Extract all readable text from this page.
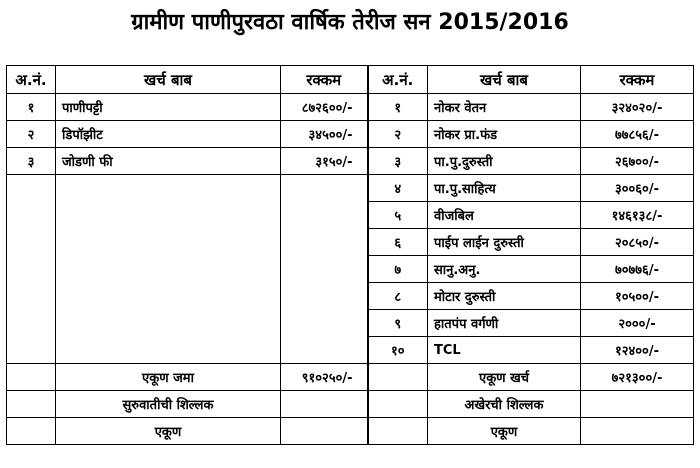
ग्रामीण पाणीपुरवठा वार्षिक तेरीज सन 2015/2016
अ.नं.	खर्च बाब	रक्कम	अ.नं.	खर्च बाब	रक्कम
१	पाणीपट्टी	८७२६००/-	१	नोकर वेतन	३२४०२०/-
२	डिपॉझीट	३४५००/-	२	नोकर प्रा.फंड	७७८५६/-
३	जोडणी फी	३१५०/-	३	पा.पु.दुरुस्ती	२६७००/-
			४	पा.पु.साहित्य	३००६०/-
			५	वीजबिल	१४६१३८/-
			६	पाईप लाईन दुरुस्ती	२०८५०/-
			७	सानु.अनु.	७०७७६/-
			८	मोटार दुरुस्ती	१०५००/-
			९	हातपंप वर्गणी	२०००/-
			१०	TCL	१२४००/-
	एकूण जमा	९१०२५०/-		एकूण खर्च	७२१३००/-
	सुरुवातीची शिल्लक			अखेरची शिल्लक	
	एकूण			एकूण	
